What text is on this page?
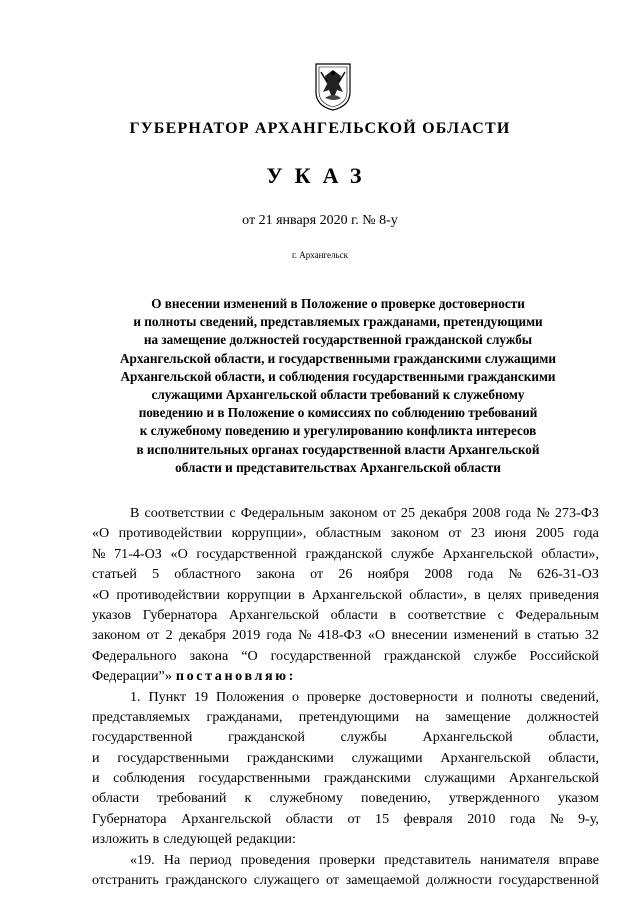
ГУБЕРНАТОР АРХАНГЕЛЬСКОЙ ОБЛАСТИ
УКАЗ
от 21 января 2020 г. № 8-у
г. Архангельск
О внесении изменений в Положение о проверке достоверности
и полноты сведений, представляемых гражданами, претендующими
на замещение должностей государственной гражданской службы
Архангельской области, и государственными гражданскими служащими
Архангельской области, и соблюдения государственными гражданскими
служащими Архангельской области требований к служебному
поведению и в Положение о комиссиях по соблюдению требований
к служебному поведению и урегулированию конфликта интересов
в исполнительных органах государственной власти Архангельской
области и представительствах Архангельской области
В соответствии с Федеральным законом от 25 декабря 2008 года № 273-ФЗ
«О противодействии коррупции», областным законом от 23 июня 2005 года
№ 71-4-ОЗ «О государственной гражданской службе Архангельской области»,
статьей 5 областного закона от 26 ноября 2008 года № 626-31-ОЗ
«О противодействии коррупции в Архангельской области», в целях приведения
указов Губернатора Архангельской области в соответствие с Федеральным
законом от 2 декабря 2019 года № 418-ФЗ «О внесении изменений в статью 32
Федерального закона “О государственной гражданской службе Российской
Федерации”» постановляю:
1. Пункт 19 Положения о проверке достоверности и полноты сведений,
представляемых гражданами, претендующими на замещение должностей
государственной	гражданской	службы	Архангельской	области,
и государственными гражданскими служащими Архангельской области,
и соблюдения государственными гражданскими служащими Архангельской
области требований к служебному поведению, утвержденного указом
Губернатора Архангельской области от 15 февраля 2010 года № 9-у,
изложить в следующей редакции:
«19. На период проведения проверки представитель нанимателя вправе
отстранить гражданского служащего от замещаемой должности государственной
